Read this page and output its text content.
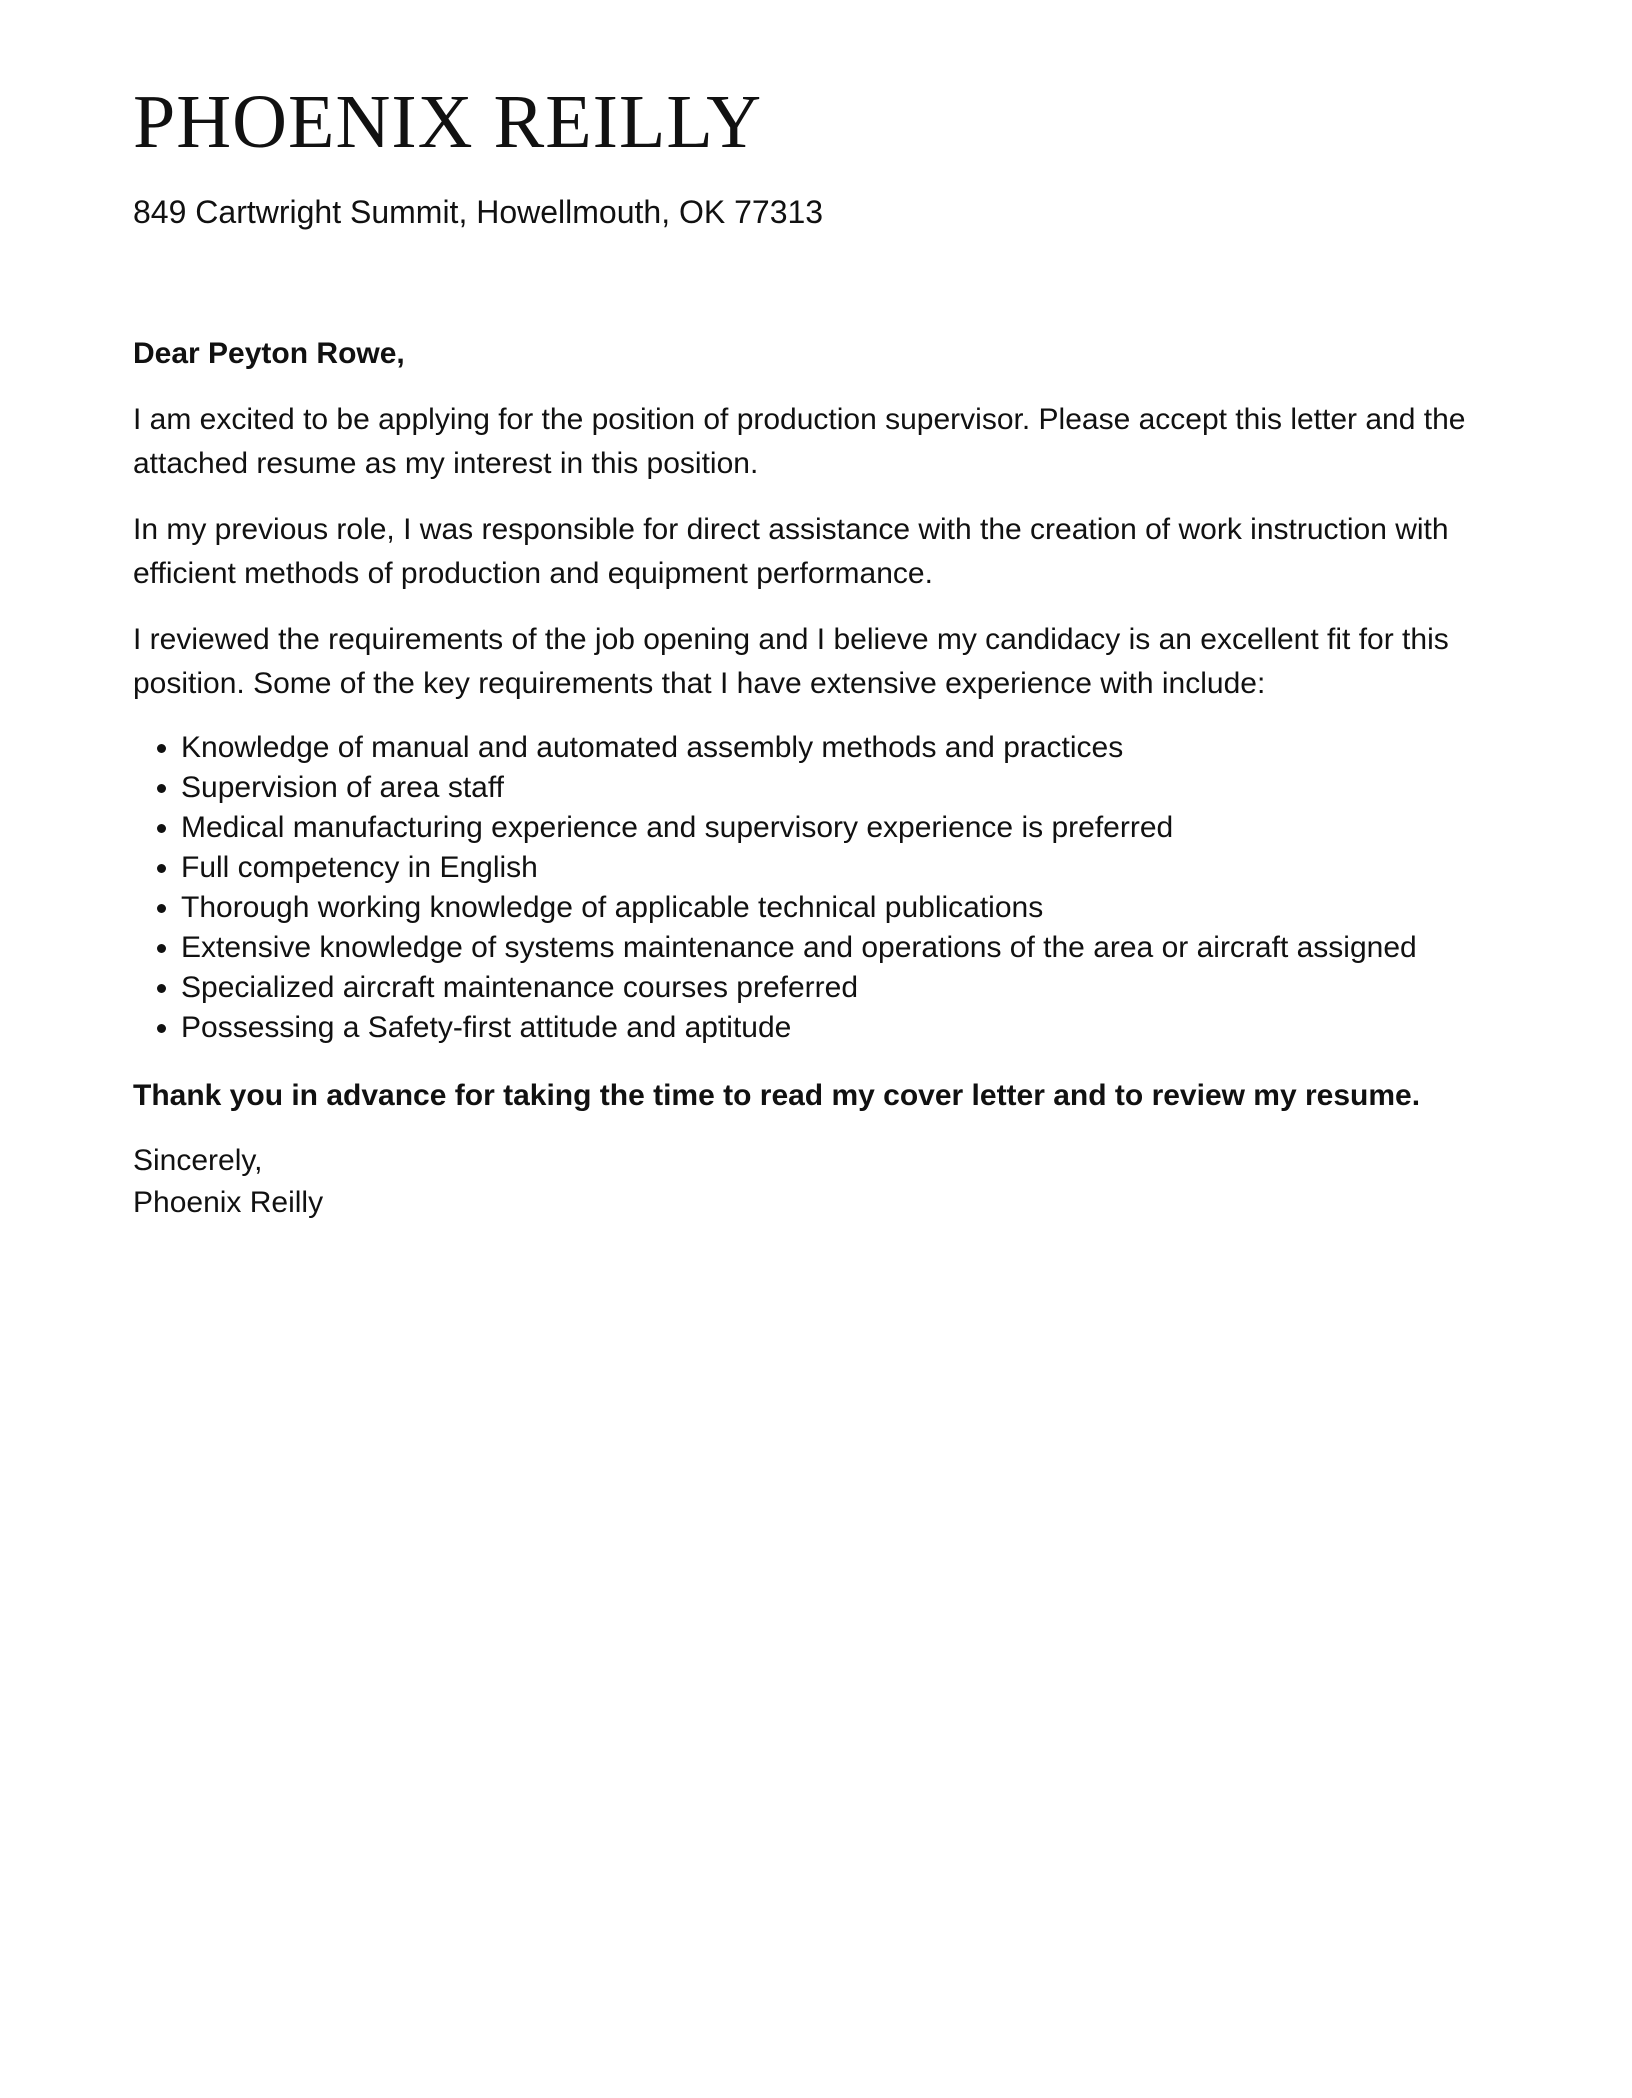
PHOENIX REILLY
849 Cartwright Summit, Howellmouth, OK 77313

Dear Peyton Rowe,

I am excited to be applying for the position of production supervisor. Please accept this letter and the attached resume as my interest in this position.

In my previous role, I was responsible for direct assistance with the creation of work instruction with efficient methods of production and equipment performance.

I reviewed the requirements of the job opening and I believe my candidacy is an excellent fit for this position. Some of the key requirements that I have extensive experience with include:

• Knowledge of manual and automated assembly methods and practices
• Supervision of area staff
• Medical manufacturing experience and supervisory experience is preferred
• Full competency in English
• Thorough working knowledge of applicable technical publications
• Extensive knowledge of systems maintenance and operations of the area or aircraft assigned
• Specialized aircraft maintenance courses preferred
• Possessing a Safety-first attitude and aptitude

Thank you in advance for taking the time to read my cover letter and to review my resume.

Sincerely,

Phoenix Reilly
